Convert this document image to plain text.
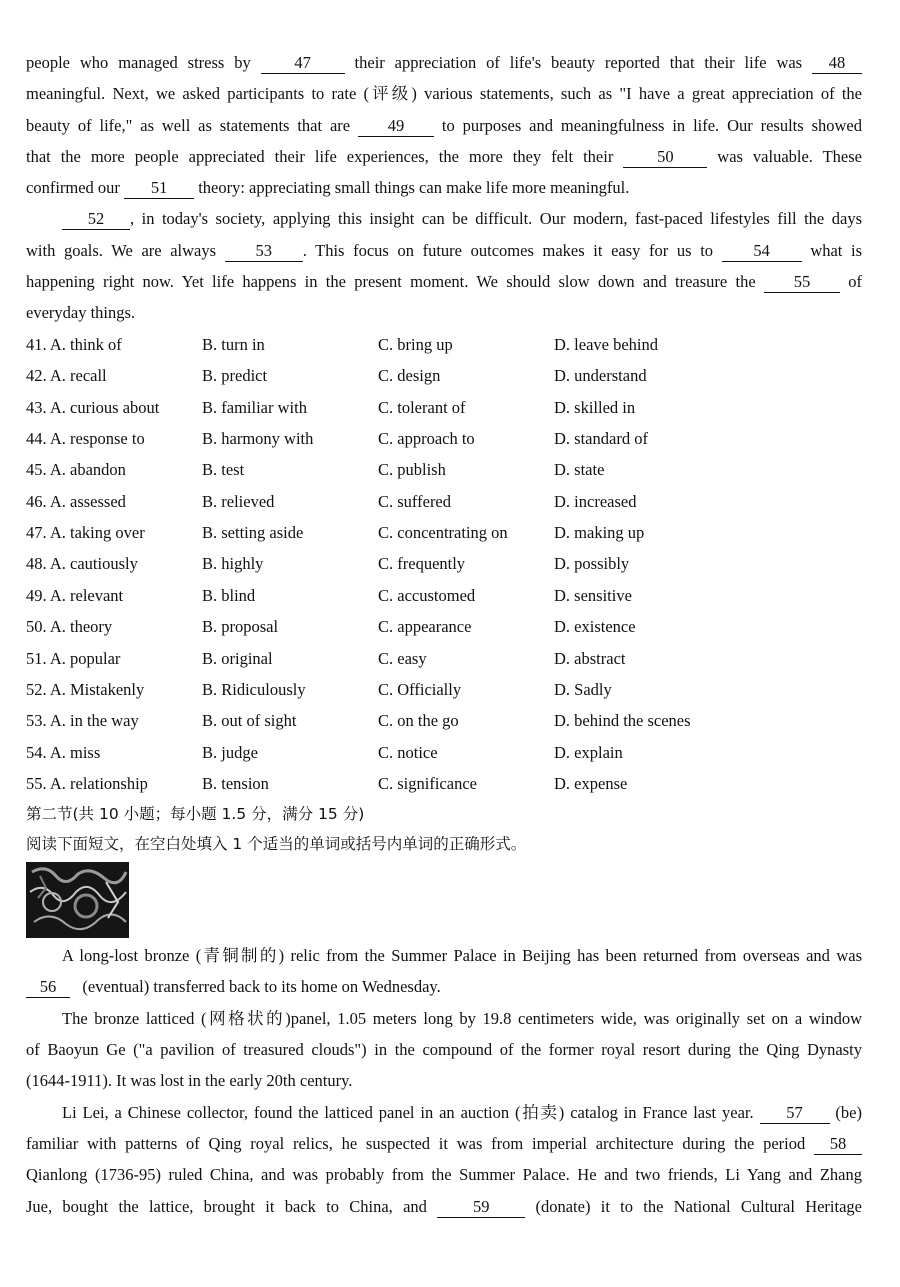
people who managed stress by	47	their appreciation of life's beauty reported that their life was 48
meaningful. Next, we asked participants to rate (评级) various statements, such as "I have a great appreciation of the
beauty of life," as well as statements that are 49 to purposes and meaningfulness in life. Our results showed
that the more people appreciated their life experiences, the more they felt their	50	was valuable. These
confirmed our 51 theory: appreciating small things can make life more meaningful.
52 , in today's society, applying this insight can be difficult. Our modern, fast-paced lifestyles fill the days
with goals. We are always 53 . This focus on future outcomes makes it easy for us to 54 what is
happening right now. Yet life happens in the present moment. We should slow down and treasure the 55 of
everyday things.
41. A. think of	B. turn in	C. bring up	D. leave behind
42. A. recall	B. predict	C. design	D. understand
43. A. curious about	B. familiar with	C. tolerant of	D. skilled in
44. A. response to	B. harmony with	C. approach to	D. standard of
45. A. abandon	B. test	C. publish	D. state
46. A. assessed	B. relieved	C. suffered	D. increased
47. A. taking over	B. setting aside	C. concentrating on	D. making up
48. A. cautiously	B. highly	C. frequently	D. possibly
49. A. relevant	B. blind	C. accustomed	D. sensitive
50. A. theory	B. proposal	C. appearance	D. existence
51. A. popular	B. original	C. easy	D. abstract
52. A. Mistakenly	B. Ridiculously	C. Officially	D. Sadly
53. A. in the way	B. out of sight	C. on the go	D. behind the scenes
54. A. miss	B. judge	C. notice	D. explain
55. A. relationship	B. tension	C. significance	D. expense
第二节(共 10 小题；每小题 1.5 分，满分 15 分)
阅读下面短文，在空白处填入 1 个适当的单词或括号内单词的正确形式。
A long-lost bronze (青铜制的) relic from the Summer Palace in Beijing has been returned from overseas and was
56 (eventual) transferred back to its home on Wednesday.
The bronze latticed (网格状的)panel, 1.05 meters long by 19.8 centimeters wide, was originally set on a window
of Baoyun Ge ("a pavilion of treasured clouds") in the compound of the former royal resort during the Qing Dynasty
(1644-1911). It was lost in the early 20th century.
Li Lei, a Chinese collector, found the latticed panel in an auction (拍卖) catalog in France last year. 57 (be)
familiar with patterns of Qing royal relics, he suspected it was from imperial architecture during the period 58
Qianlong (1736-95) ruled China, and was probably from the Summer Palace. He and two friends, Li Yang and Zhang
Jue, bought the lattice, brought it back to China, and	59	(donate) it to the National Cultural Heritage
